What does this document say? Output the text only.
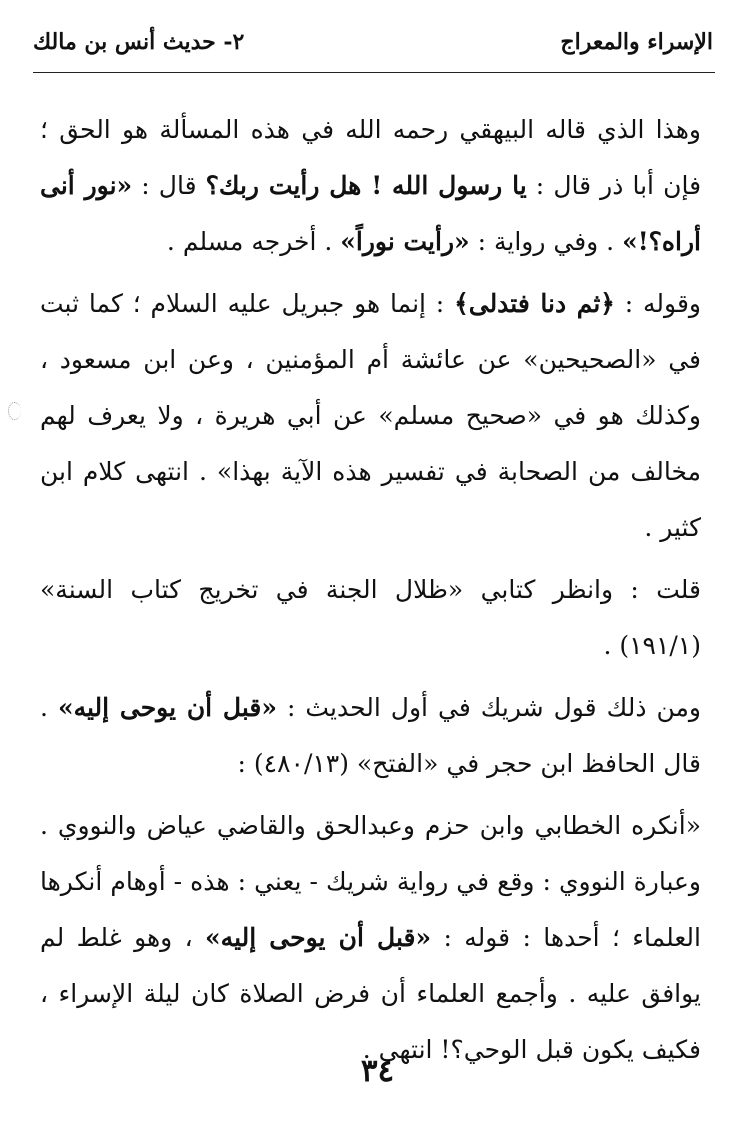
الإسراء والمعراج
٢- حديث أنس بن مالك

وهذا الذي قاله البيهقي رحمه الله في هذه المسألة هو الحق ؛ فإن أبا ذر قال : يا رسول الله ! هل رأيت ربك؟ قال : «نور أنى أراه؟!» . وفي رواية : «رأيت نوراً» . أخرجه مسلم .

وقوله : ﴿ثم دنا فتدلى﴾ : إنما هو جبريل عليه السلام ؛ كما ثبت في «الصحيحين» عن عائشة أم المؤمنين ، وعن ابن مسعود ، وكذلك هو في «صحيح مسلم» عن أبي هريرة ، ولا يعرف لهم مخالف من الصحابة في تفسير هذه الآية بهذا» . انتهى كلام ابن كثير .

قلت : وانظر كتابي «ظلال الجنة في تخريج كتاب السنة» (١٩١/١) .

ومن ذلك قول شريك في أول الحديث : «قبل أن يوحى إليه» . قال الحافظ ابن حجر في «الفتح» (٤٨٠/١٣) :

«أنكره الخطابي وابن حزم وعبدالحق والقاضي عياض والنووي . وعبارة النووي : وقع في رواية شريك - يعني : هذه - أوهام أنكرها العلماء ؛ أحدها : قوله : «قبل أن يوحى إليه» ، وهو غلط لم يوافق عليه . وأجمع العلماء أن فرض الصلاة كان ليلة الإسراء ، فكيف يكون قبل الوحي؟! انتهى .

٣٤
